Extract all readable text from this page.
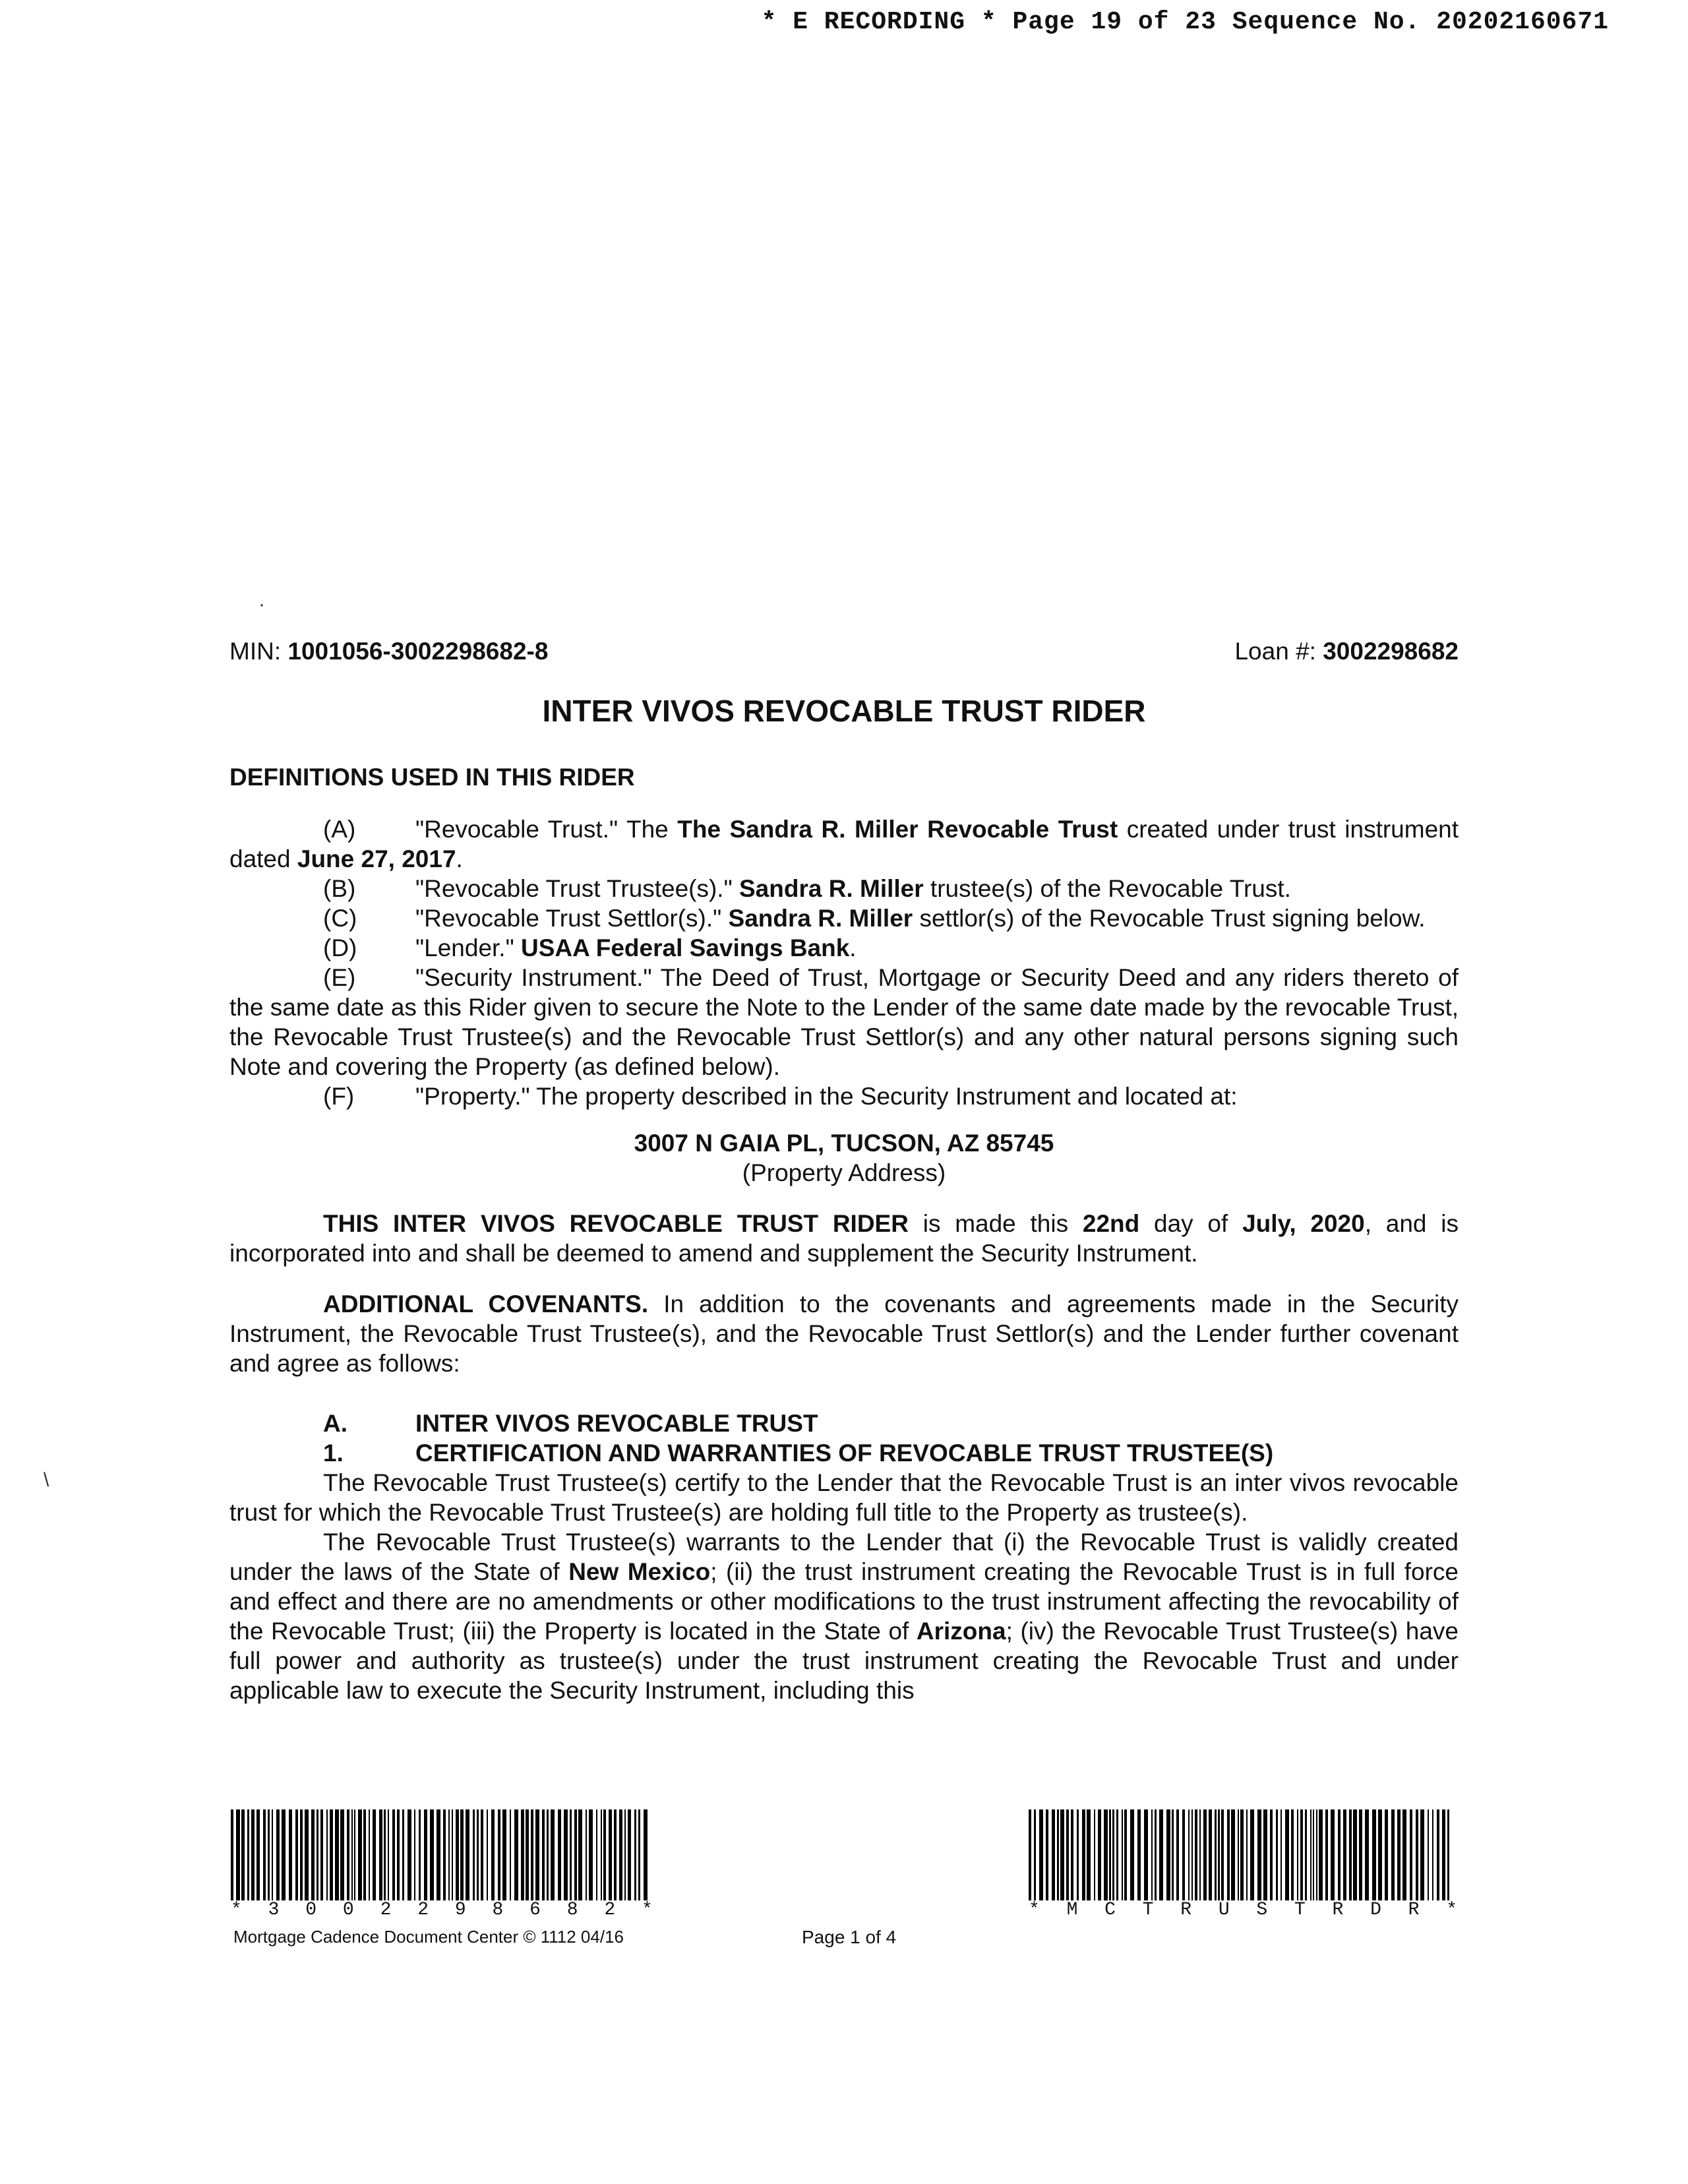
* E RECORDING * Page 19 of 23 Sequence No. 20202160671
MIN: 1001056-3002298682-8	Loan #: 3002298682
INTER VIVOS REVOCABLE TRUST RIDER
DEFINITIONS USED IN THIS RIDER
(A) "Revocable Trust." The The Sandra R. Miller Revocable Trust created under trust instrument dated June 27, 2017.
(B) "Revocable Trust Trustee(s)." Sandra R. Miller trustee(s) of the Revocable Trust.
(C) "Revocable Trust Settlor(s)." Sandra R. Miller settlor(s) of the Revocable Trust signing below.
(D) "Lender." USAA Federal Savings Bank.
(E) "Security Instrument." The Deed of Trust, Mortgage or Security Deed and any riders thereto of the same date as this Rider given to secure the Note to the Lender of the same date made by the revocable Trust, the Revocable Trust Trustee(s) and the Revocable Trust Settlor(s) and any other natural persons signing such Note and covering the Property (as defined below).
(F)	"Property." The property described in the Security Instrument and located at:
3007 N GAIA PL, TUCSON, AZ 85745
(Property Address)
THIS INTER VIVOS REVOCABLE TRUST RIDER is made this 22nd day of July, 2020, and is incorporated into and shall be deemed to amend and supplement the Security Instrument.
ADDITIONAL COVENANTS. In addition to the covenants and agreements made in the Security Instrument, the Revocable Trust Trustee(s), and the Revocable Trust Settlor(s) and the Lender further covenant and agree as follows:
A.	INTER VIVOS REVOCABLE TRUST
1.	CERTIFICATION AND WARRANTIES OF REVOCABLE TRUST TRUSTEE(S)
The Revocable Trust Trustee(s) certify to the Lender that the Revocable Trust is an inter vivos revocable trust for which the Revocable Trust Trustee(s) are holding full title to the Property as trustee(s).
The Revocable Trust Trustee(s) warrants to the Lender that (i) the Revocable Trust is validly created under the laws of the State of New Mexico; (ii) the trust instrument creating the Revocable Trust is in full force and effect and there are no amendments or other modifications to the trust instrument affecting the revocability of the Revocable Trust; (iii) the Property is located in the State of Arizona; (iv) the Revocable Trust Trustee(s) have full power and authority as trustee(s) under the trust instrument creating the Revocable Trust and under applicable law to execute the Security Instrument, including this
* 3 0 0 2 2 9 8 6 8 2 *	* M C T R U S T R D R *
Mortgage Cadence Document Center © 1112 04/16	Page 1 of 4
·
\
